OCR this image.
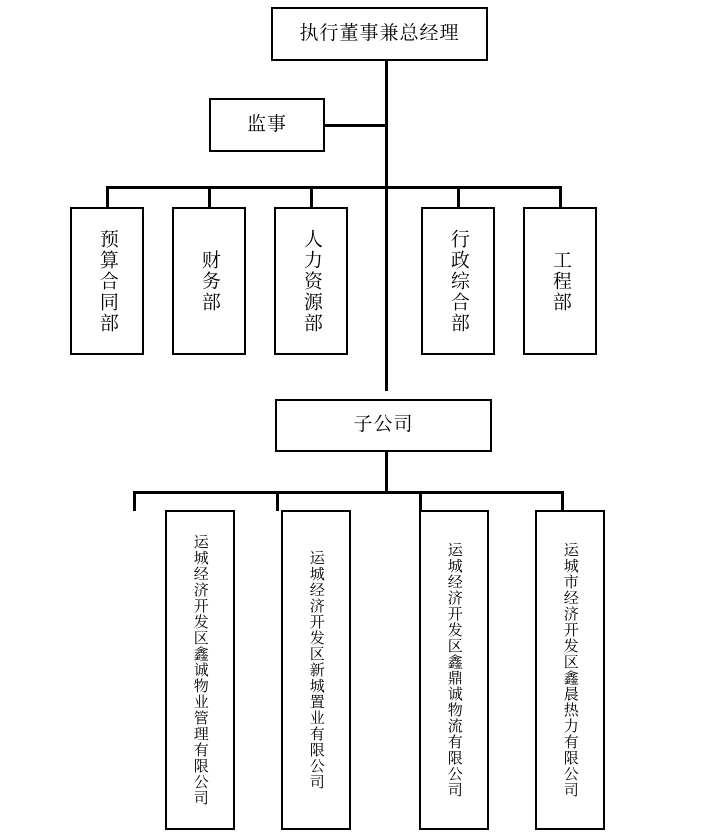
执行董事兼总经理
监事
预算合同部	财务部	人力资源部	行政综合部	工程部
子公司
运城经济开发区鑫诚物业管理有限公司	运城经济开发区新城置业有限公司	运城经济开发区鑫鼎诚物流有限公司	运城市经济开发区鑫晨热力有限公司
